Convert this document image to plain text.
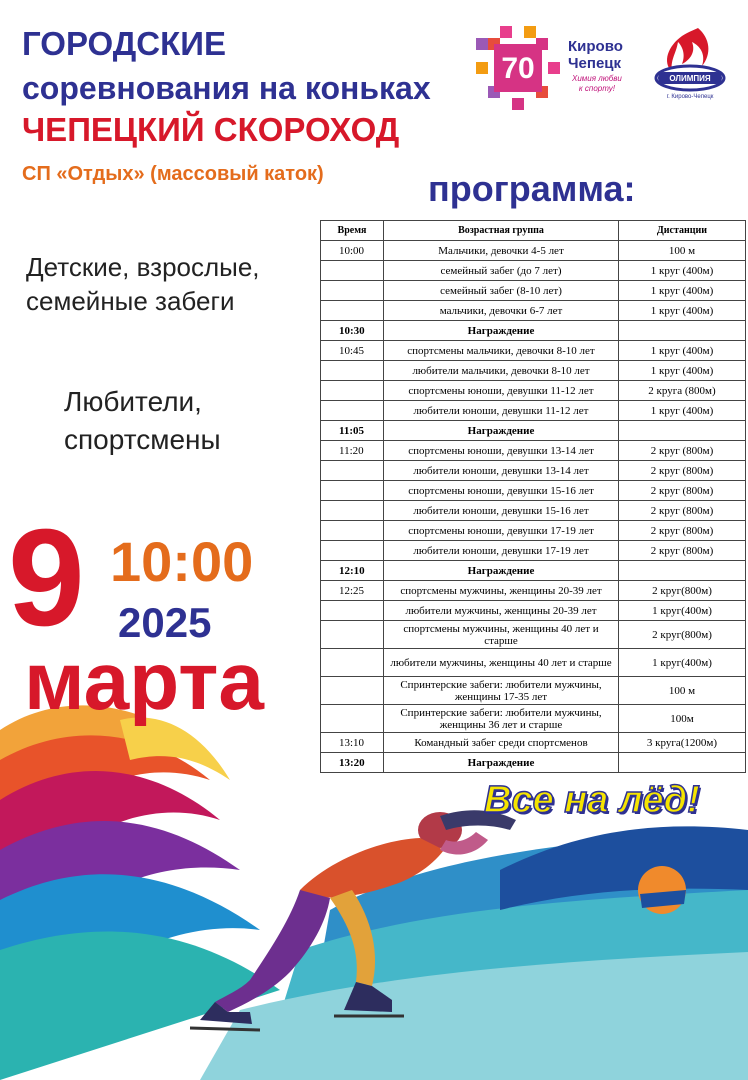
ГОРОДСКИЕ
соревнования на коньках
ЧЕПЕЦКИЙ СКОРОХОД
СП «Отдых» (массовый каток)
70
Кирово
Чепецк
Химия любви
к спорту!
ОЛИМПИЯ
г. Кирово-Чепецк
программа:
Детские, взрослые,
семейные забеги
Любители,
спортсмены
9 10:00
2025
марта
Время	Возрастная группа	Дистанции
10:00	Мальчики, девочки 4-5 лет	100 м
	семейный забег (до 7 лет)	1 круг (400м)
	семейный забег (8-10 лет)	1 круг (400м)
	мальчики, девочки 6-7 лет	1 круг (400м)
10:30	Награждение	
10:45	спортсмены мальчики, девочки 8-10 лет	1 круг (400м)
	любители мальчики, девочки 8-10 лет	1 круг (400м)
	спортсмены юноши, девушки 11-12 лет	2 круга (800м)
	любители юноши, девушки 11-12 лет	1 круг (400м)
11:05	Награждение	
11:20	спортсмены юноши, девушки 13-14 лет	2 круг (800м)
	любители юноши, девушки 13-14 лет	2 круг (800м)
	спортсмены юноши, девушки 15-16 лет	2 круг (800м)
	любители юноши, девушки 15-16 лет	2 круг (800м)
	спортсмены юноши, девушки 17-19 лет	2 круг (800м)
	любители юноши, девушки 17-19 лет	2 круг (800м)
12:10	Награждение	
12:25	спортсмены мужчины, женщины 20-39 лет	2 круг(800м)
	любители мужчины, женщины 20-39 лет	1 круг(400м)
	спортсмены мужчины, женщины 40 лет и старше	2 круг(800м)
	любители мужчины, женщины 40 лет и старше	1 круг(400м)
	Спринтерские забеги: любители мужчины, женщины 17-35 лет	100 м
	Спринтерские забеги: любители мужчины, женщины 36 лет и старше	100м
13:10	Командный забег среди спортсменов	3 круга(1200м)
13:20	Награждение	
Все на лёд!
